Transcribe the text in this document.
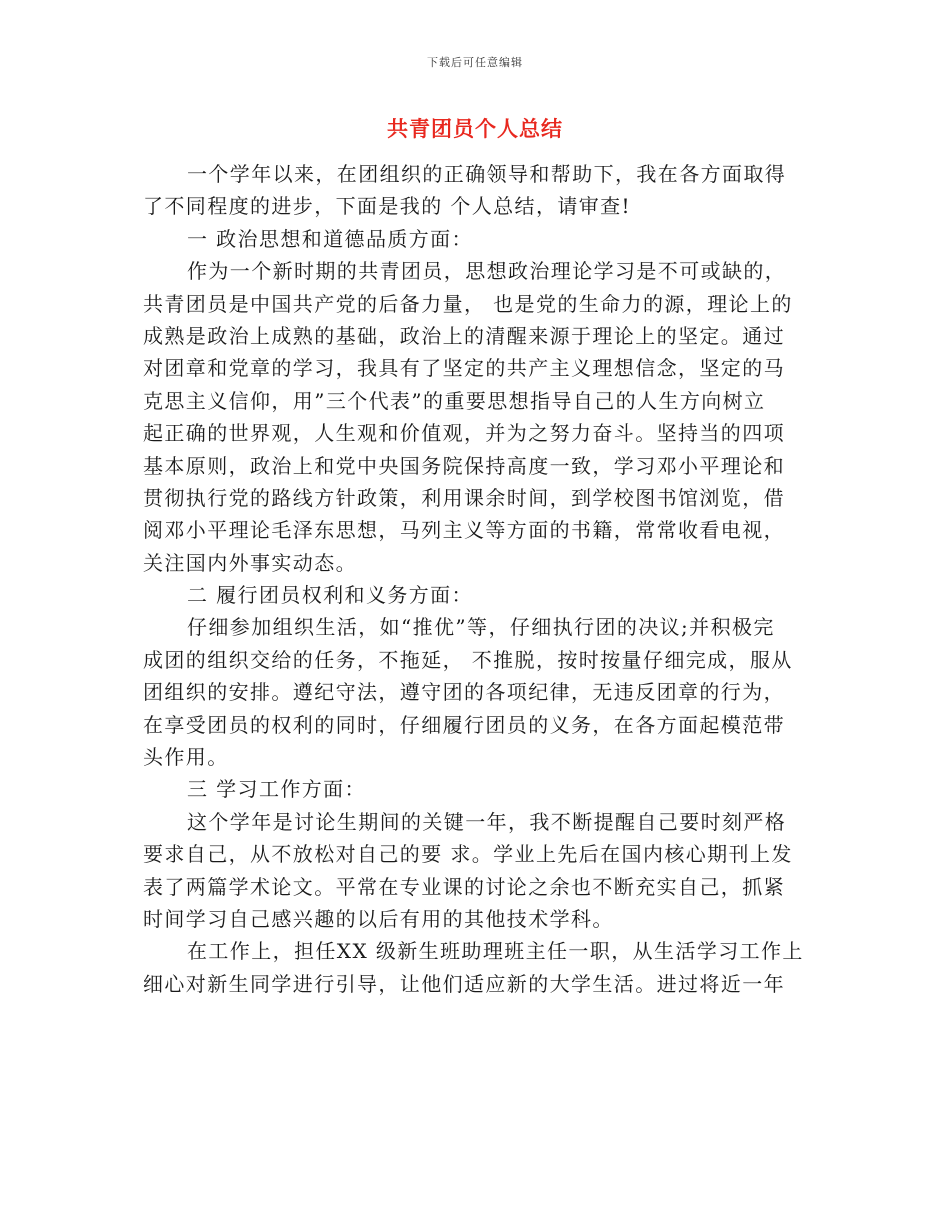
下载后可任意编辑
共青团员个人总结
一个学年以来，在团组织的正确领导和帮助下，我在各方面取得
了不同程度的进步，下面是我的 个人总结，请审查!
一 政治思想和道德品质方面：
作为一个新时期的共青团员，思想政治理论学习是不可或缺的，
共青团员是中国共产党的后备力量， 也是党的生命力的源，理论上的
成熟是政治上成熟的基础，政治上的清醒来源于理论上的坚定。通过
对团章和党章的学习，我具有了坚定的共产主义理想信念，坚定的马
克思主义信仰，用”三个代表”的重要思想指导自己的人生方向树立
起正确的世界观，人生观和价值观，并为之努力奋斗。坚持当的四项
基本原则，政治上和党中央国务院保持高度一致，学习邓小平理论和
贯彻执行党的路线方针政策，利用课余时间，到学校图书馆浏览，借
阅邓小平理论毛泽东思想，马列主义等方面的书籍，常常收看电视，
关注国内外事实动态。
二 履行团员权利和义务方面：
仔细参加组织生活，如“推优”等，仔细执行团的决议;并积极完
成团的组织交给的任务，不拖延， 不推脱，按时按量仔细完成，服从
团组织的安排。遵纪守法，遵守团的各项纪律，无违反团章的行为，
在享受团员的权利的同时，仔细履行团员的义务，在各方面起模范带
头作用。
三 学习工作方面：
这个学年是讨论生期间的关键一年，我不断提醒自己要时刻严格
要求自己，从不放松对自己的要 求。学业上先后在国内核心期刊上发
表了两篇学术论文。平常在专业课的讨论之余也不断充实自己，抓紧
时间学习自己感兴趣的以后有用的其他技术学科。
在工作上，担任XX 级新生班助理班主任一职，从生活学习工作上
细心对新生同学进行引导，让他们适应新的大学生活。进过将近一年
